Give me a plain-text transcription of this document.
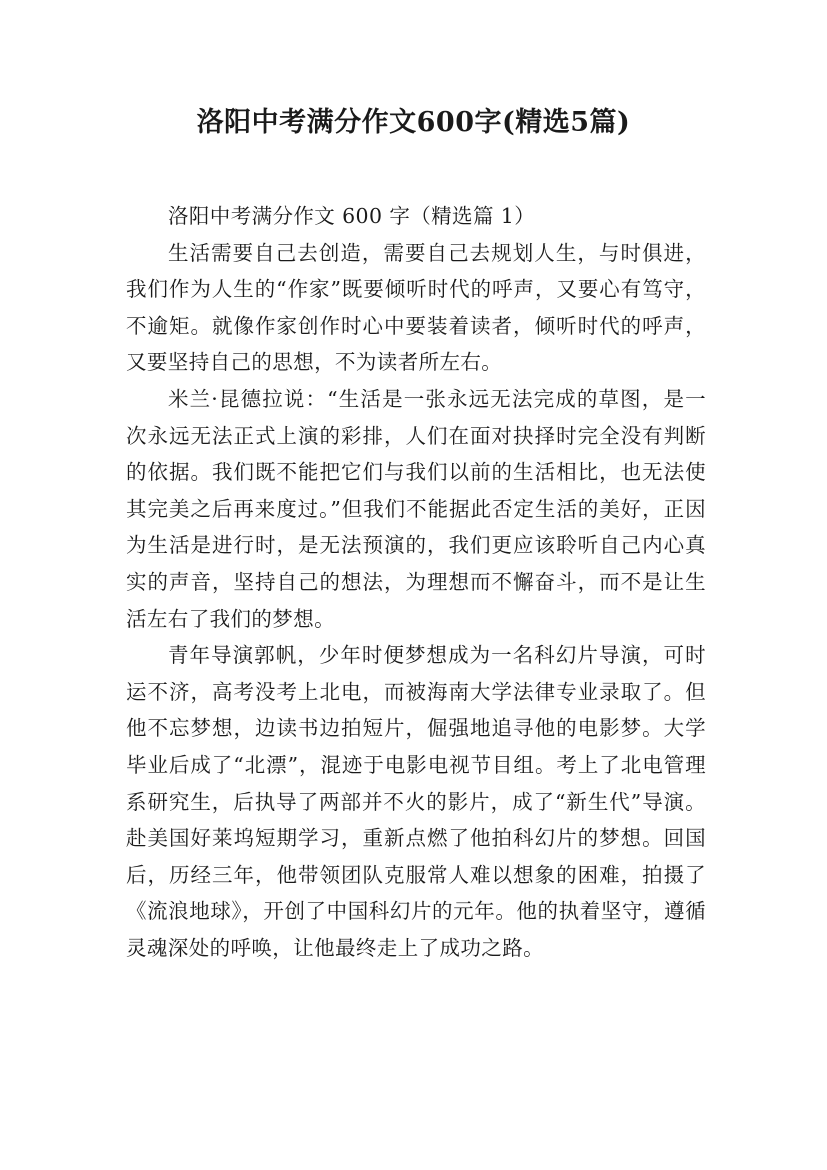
洛阳中考满分作文600字(精选5篇)

洛阳中考满分作文 600 字（精选篇 1）

生活需要自己去创造，需要自己去规划人生，与时俱进，我们作为人生的“作家”既要倾听时代的呼声，又要心有笃守，不逾矩。就像作家创作时心中要装着读者，倾听时代的呼声，又要坚持自己的思想，不为读者所左右。

米兰·昆德拉说：“生活是一张永远无法完成的草图，是一次永远无法正式上演的彩排，人们在面对抉择时完全没有判断的依据。我们既不能把它们与我们以前的生活相比，也无法使其完美之后再来度过。”但我们不能据此否定生活的美好，正因为生活是进行时，是无法预演的，我们更应该聆听自己内心真实的声音，坚持自己的想法，为理想而不懈奋斗，而不是让生活左右了我们的梦想。

青年导演郭帆，少年时便梦想成为一名科幻片导演，可时运不济，高考没考上北电，而被海南大学法律专业录取了。但他不忘梦想，边读书边拍短片，倔强地追寻他的电影梦。大学毕业后成了“北漂”，混迹于电影电视节目组。考上了北电管理系研究生，后执导了两部并不火的影片，成了“新生代”导演。赴美国好莱坞短期学习，重新点燃了他拍科幻片的梦想。回国后，历经三年，他带领团队克服常人难以想象的困难，拍摄了《流浪地球》，开创了中国科幻片的元年。他的执着坚守，遵循灵魂深处的呼唤，让他最终走上了成功之路。
